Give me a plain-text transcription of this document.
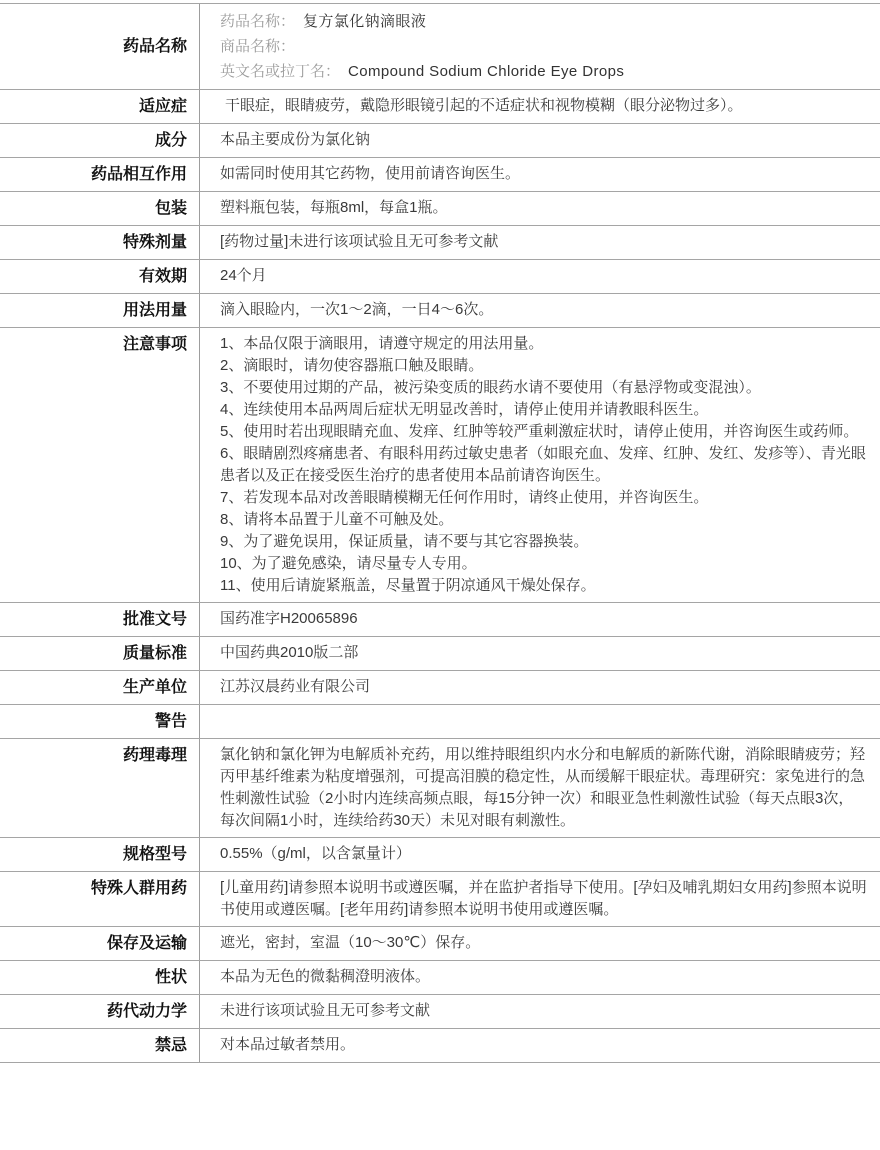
药品名称
药品名称： 复方氯化钠滴眼液
商品名称：
英文名或拉丁名： Compound Sodium Chloride Eye Drops
适应症	干眼症，眼睛疲劳，戴隐形眼镜引起的不适症状和视物模糊（眼分泌物过多）。
成分	本品主要成份为氯化钠
药品相互作用	如需同时使用其它药物，使用前请咨询医生。
包装	塑料瓶包装，每瓶8ml，每盒1瓶。
特殊剂量	[药物过量]未进行该项试验且无可参考文献
有效期	24个月
用法用量	滴入眼睑内，一次1～2滴，一日4～6次。
注意事项	1、本品仅限于滴眼用，请遵守规定的用法用量。
2、滴眼时，请勿使容器瓶口触及眼睛。
3、不要使用过期的产品，被污染变质的眼药水请不要使用（有悬浮物或变混浊）。
4、连续使用本品两周后症状无明显改善时，请停止使用并请教眼科医生。
5、使用时若出现眼睛充血、发痒、红肿等较严重刺激症状时，请停止使用，并咨询医生或药师。
6、眼睛剧烈疼痛患者、有眼科用药过敏史患者（如眼充血、发痒、红肿、发红、发疹等）、青光眼患者以及正在接受医生治疗的患者使用本品前请咨询医生。
7、若发现本品对改善眼睛模糊无任何作用时，请终止使用，并咨询医生。
8、请将本品置于儿童不可触及处。
9、为了避免误用，保证质量，请不要与其它容器换装。
10、为了避免感染，请尽量专人专用。
11、使用后请旋紧瓶盖，尽量置于阴凉通风干燥处保存。
批准文号	国药准字H20065896
质量标准	中国药典2010版二部
生产单位	江苏汉晨药业有限公司
警告
药理毒理	氯化钠和氯化钾为电解质补充药，用以维持眼组织内水分和电解质的新陈代谢，消除眼睛疲劳；羟丙甲基纤维素为粘度增强剂，可提高泪膜的稳定性，从而缓解干眼症状。毒理研究：家兔进行的急性刺激性试验（2小时内连续高频点眼，每15分钟一次）和眼亚急性刺激性试验（每天点眼3次，每次间隔1小时，连续给药30天）未见对眼有刺激性。
规格型号	0.55%（g/ml，以含氯量计）
特殊人群用药	[儿童用药]请参照本说明书或遵医嘱，并在监护者指导下使用。[孕妇及哺乳期妇女用药]参照本说明书使用或遵医嘱。[老年用药]请参照本说明书使用或遵医嘱。
保存及运输	遮光，密封，室温（10～30℃）保存。
性状	本品为无色的微黏稠澄明液体。
药代动力学	未进行该项试验且无可参考文献
禁忌	对本品过敏者禁用。
